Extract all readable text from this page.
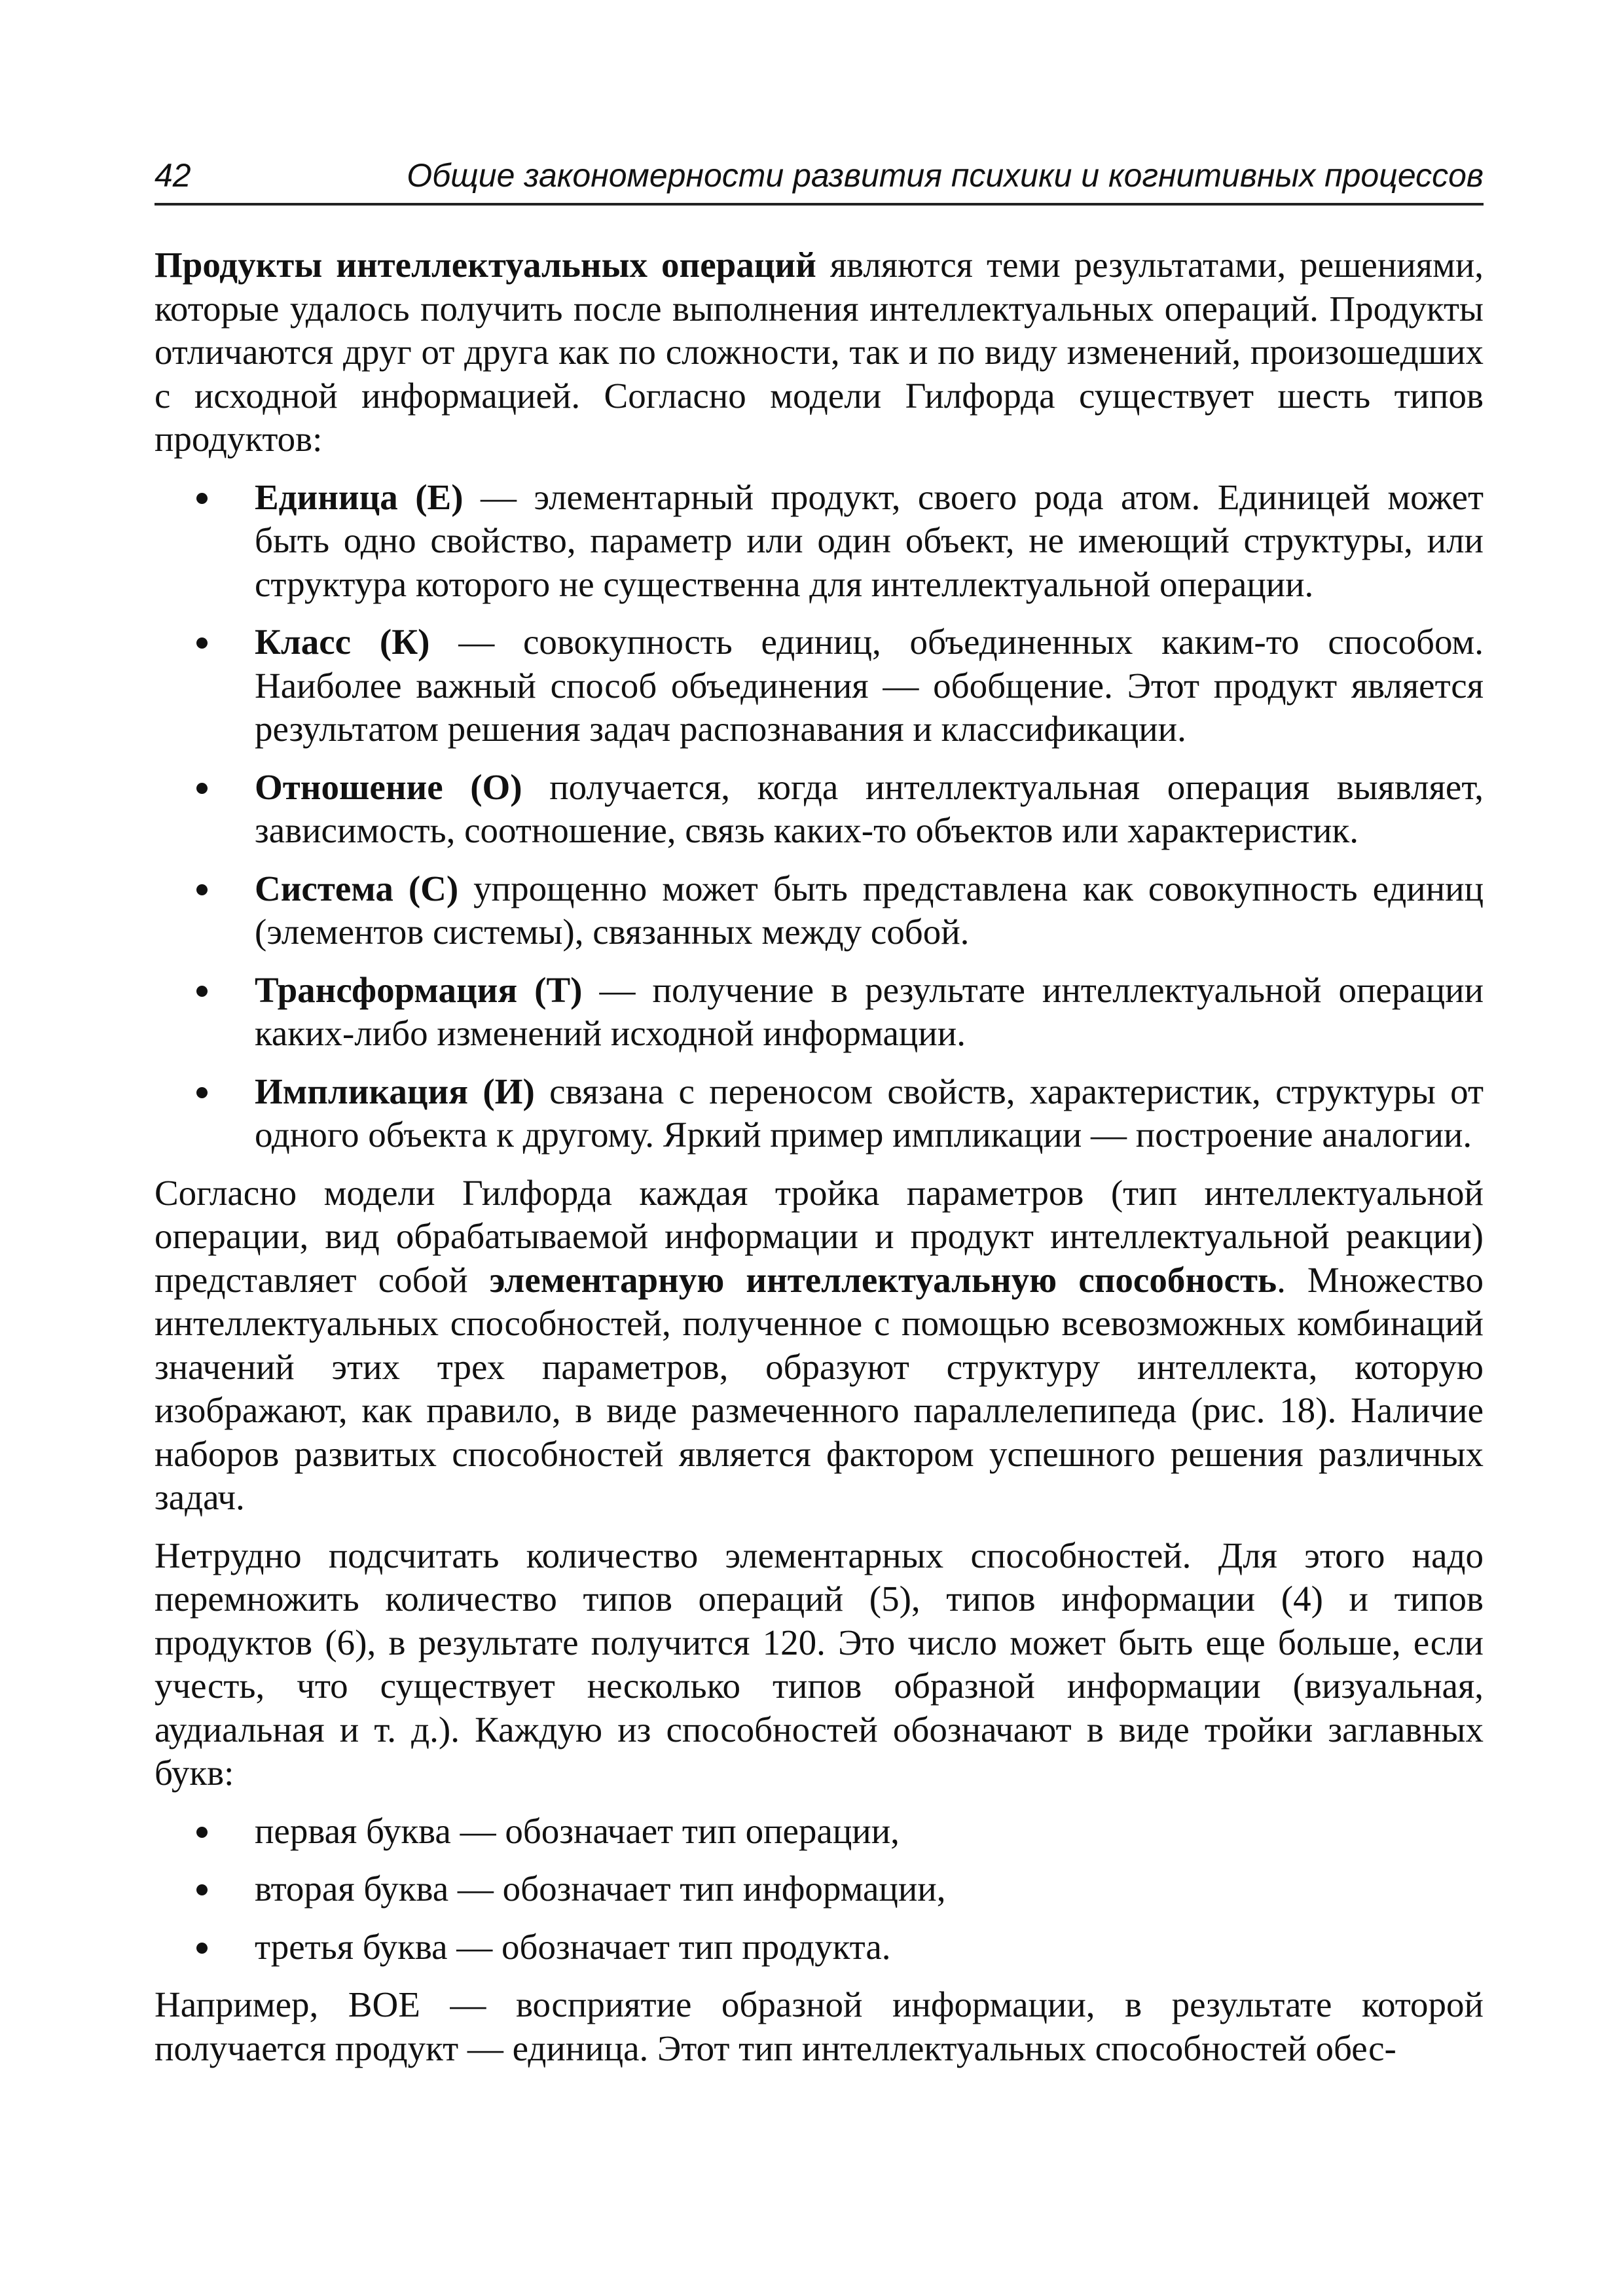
42	Общие закономерности развития психики и когнитивных процессов

Продукты интеллектуальных операций являются теми результатами, решениями, которые удалось получить после выполнения интеллектуальных операций. Продукты отличаются друг от друга как по сложности, так и по виду изменений, произошедших с исходной информацией. Согласно модели Гилфорда существует шесть типов продуктов:

Единица (Е) — элементарный продукт, своего рода атом. Единицей может быть одно свойство, параметр или один объект, не имеющий структуры, или структура которого не существенна для интеллектуальной операции.
Класс (К) — совокупность единиц, объединенных каким-то способом. Наиболее важный способ объединения — обобщение. Этот продукт является результатом решения задач распознавания и классификации.
Отношение (О) получается, когда интеллектуальная операция выявляет, зависимость, соотношение, связь каких-то объектов или характеристик.
Система (С) упрощенно может быть представлена как совокупность единиц (элементов системы), связанных между собой.
Трансформация (Т) — получение в результате интеллектуальной операции каких-либо изменений исходной информации.
Импликация (И) связана с переносом свойств, характеристик, структуры от одного объекта к другому. Яркий пример импликации — построение аналогии.

Согласно модели Гилфорда каждая тройка параметров (тип интеллектуальной операции, вид обрабатываемой информации и продукт интеллектуальной реакции) представляет собой элементарную интеллектуальную способность. Множество интеллектуальных способностей, полученное с помощью всевозможных комбинаций значений этих трех параметров, образуют структуру интеллекта, которую изображают, как правило, в виде размеченного параллелепипеда (рис. 18). Наличие наборов развитых способностей является фактором успешного решения различных задач.

Нетрудно подсчитать количество элементарных способностей. Для этого надо перемножить количество типов операций (5), типов информации (4) и типов продуктов (6), в результате получится 120. Это число может быть еще больше, если учесть, что существует несколько типов образной информации (визуальная, аудиальная и т. д.). Каждую из способностей обозначают в виде тройки заглавных букв:

первая буква — обозначает тип операции,
вторая буква — обозначает тип информации,
третья буква — обозначает тип продукта.

Например, ВОЕ — восприятие образной информации, в результате которой получается продукт — единица. Этот тип интеллектуальных способностей обес-
